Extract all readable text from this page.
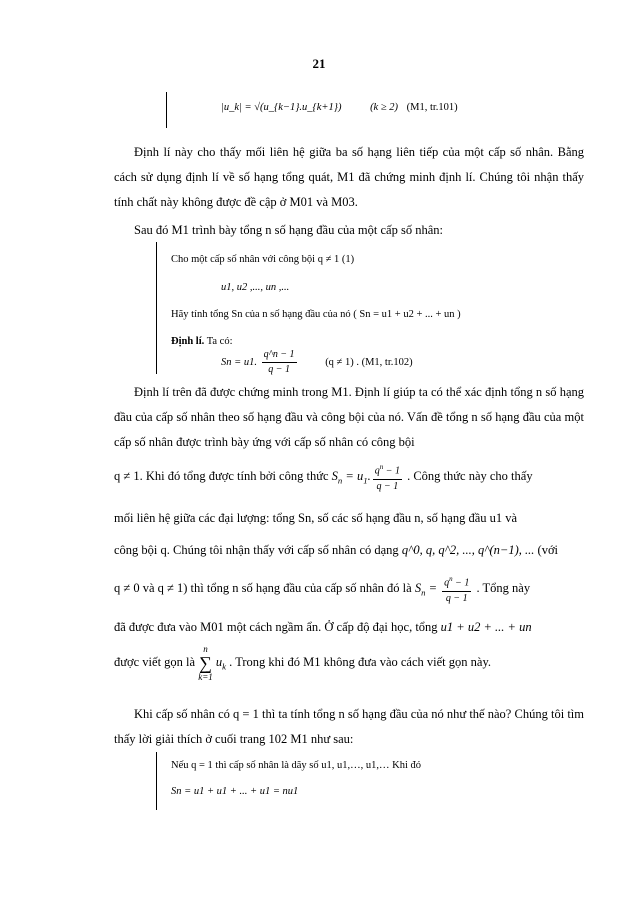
21
|u_k| = √(u_{k−1}.u_{k+1})	(k ≥ 2) (M1, tr.101)
Định lí này cho thấy mối liên hệ giữa ba số hạng liên tiếp của một cấp số nhân. Bằng cách sử dụng định lí về số hạng tổng quát, M1 đã chứng minh định lí. Chúng tôi nhận thấy tính chất này không được đề cập ở M01 và M03.
Sau đó M1 trình bày tổng n số hạng đầu của một cấp số nhân:
Cho một cấp số nhân với công bội q ≠ 1 (1)
u1, u2 ,..., un ,...
Hãy tính tổng Sn của n số hạng đầu của nó ( Sn = u1 + u2 + ... + un )
Định lí. Ta có:
Sn = u1. $\frac{q\^{}n - 1}{q - 1}$	(q ≠ 1) . (M1, tr.102)
Định lí trên đã được chứng minh trong M1. Định lí giúp ta có thể xác định tổng n số hạng đầu của cấp số nhân theo số hạng đầu và công bội của nó. Vấn đề tổng n số hạng đầu của một cấp số nhân được trình bày ứng với cấp số nhân có công bội
q ≠ 1. Khi đó tổng được tính bởi công thức $S_n = u_1$. $\frac{q^n - 1}{q - 1}$ . Công thức này cho thấy
mối liên hệ giữa các đại lượng: tổng Sn, số các số hạng đầu n, số hạng đầu u1 và
công bội q. Chúng tôi nhận thấy với cấp số nhân có dạng q^0, q, q^2, ..., q^(n−1), ... (với
q ≠ 0 và q ≠ 1) thì tổng n số hạng đầu của cấp số nhân đó là $S_n = \frac{q^n - 1}{q - 1}$ . Tổng này
đã được đưa vào M01 một cách ngầm ẩn. Ở cấp độ đại học, tổng u1 + u2 + ... + un
được viết gọn là
n
∑
k=1
$u_k$ . Trong khi đó M1 không đưa vào cách viết gọn này.
Khi cấp số nhân có q = 1 thì ta tính tổng n số hạng đầu của nó như thế nào? Chúng tôi tìm thấy lời giải thích ở cuối trang 102 M1 như sau:
Nếu q = 1 thì cấp số nhân là dãy số u1, u1,…, u1,… Khi đó
Sn = u1 + u1 + ... + u1 = nu1
